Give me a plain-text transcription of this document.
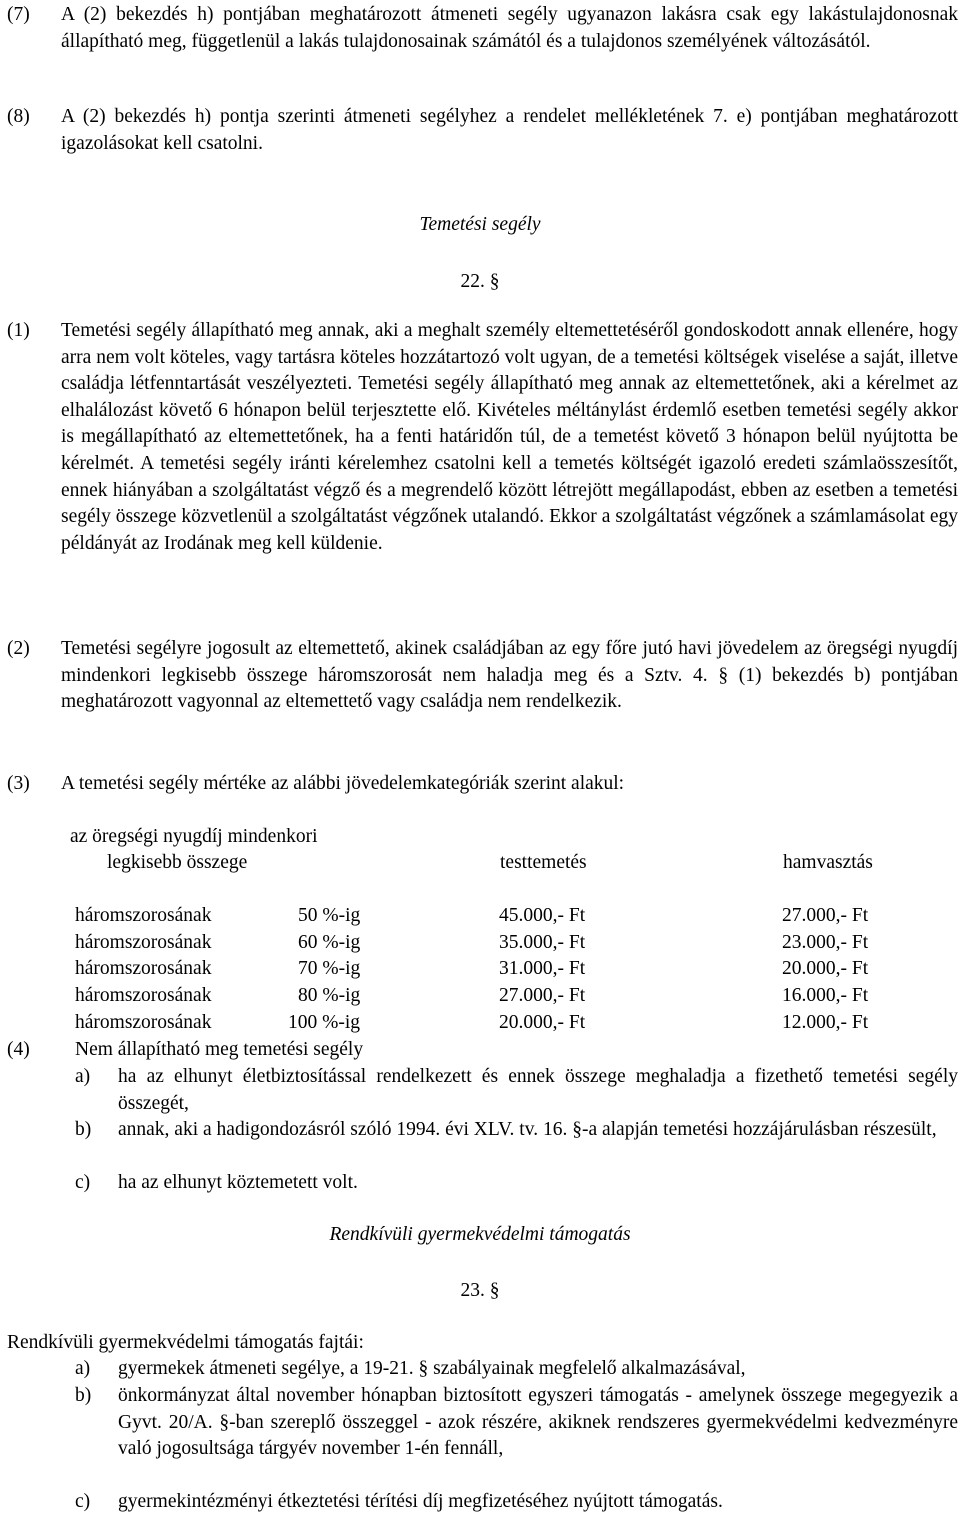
(7) A (2) bekezdés h) pontjában meghatározott átmeneti segély ugyanazon lakásra csak egy lakástulajdonosnak állapítható meg, függetlenül a lakás tulajdonosainak számától és a tulajdonos személyének változásától.
(8) A (2) bekezdés h) pontja szerinti átmeneti segélyhez a rendelet mellékletének 7. e) pontjában meghatározott igazolásokat kell csatolni.
Temetési segély
22. §
(1) Temetési segély állapítható meg annak, aki a meghalt személy eltemettetéséről gondoskodott annak ellenére, hogy arra nem volt köteles, vagy tartásra köteles hozzátartozó volt ugyan, de a temetési költségek viselése a saját, illetve családja létfenntartását veszélyezteti. Temetési segély állapítható meg annak az eltemettetőnek, aki a kérelmet az elhalálozást követő 6 hónapon belül terjesztette elő. Kivételes méltánylást érdemlő esetben temetési segély akkor is megállapítható az eltemettetőnek, ha a fenti határidőn túl, de a temetést követő 3 hónapon belül nyújtotta be kérelmét. A temetési segély iránti kérelemhez csatolni kell a temetés költségét igazoló eredeti számlaösszesítőt, ennek hiányában a szolgáltatást végző és a megrendelő között létrejött megállapodást, ebben az esetben a temetési segély összege közvetlenül a szolgáltatást végzőnek utalandó. Ekkor a szolgáltatást végzőnek a számlamásolat egy példányát az Irodának meg kell küldenie.
(2) Temetési segélyre jogosult az eltemettető, akinek családjában az egy főre jutó havi jövedelem az öregségi nyugdíj mindenkori legkisebb összege háromszorosát nem haladja meg és a Sztv. 4. § (1) bekezdés b) pontjában meghatározott vagyonnal az eltemettető vagy családja nem rendelkezik.
(3) A temetési segély mértéke az alábbi jövedelemkategóriák szerint alakul:
az öregségi nyugdíj mindenkori
legkisebb összege	testtemetés	hamvasztás
háromszorosának	50 %-ig	45.000,- Ft	27.000,- Ft
háromszorosának	60 %-ig	35.000,- Ft	23.000,- Ft
háromszorosának	70 %-ig	31.000,- Ft	20.000,- Ft
háromszorosának	80 %-ig	27.000,- Ft	16.000,- Ft
háromszorosának	100 %-ig	20.000,- Ft	12.000,- Ft
(4) Nem állapítható meg temetési segély
a) ha az elhunyt életbiztosítással rendelkezett és ennek összege meghaladja a fizethető temetési segély összegét,
b) annak, aki a hadigondozásról szóló 1994. évi XLV. tv. 16. §-a alapján temetési hozzájárulásban részesült,
c) ha az elhunyt köztemetett volt.
Rendkívüli gyermekvédelmi támogatás
23. §
Rendkívüli gyermekvédelmi támogatás fajtái:
a) gyermekek átmeneti segélye, a 19-21. § szabályainak megfelelő alkalmazásával,
b) önkormányzat által november hónapban biztosított egyszeri támogatás - amelynek összege megegyezik a Gyvt. 20/A. §-ban szereplő összeggel - azok részére, akiknek rendszeres gyermekvédelmi kedvezményre való jogosultsága tárgyév november 1-én fennáll,
c) gyermekintézményi étkeztetési térítési díj megfizetéséhez nyújtott támogatás.
